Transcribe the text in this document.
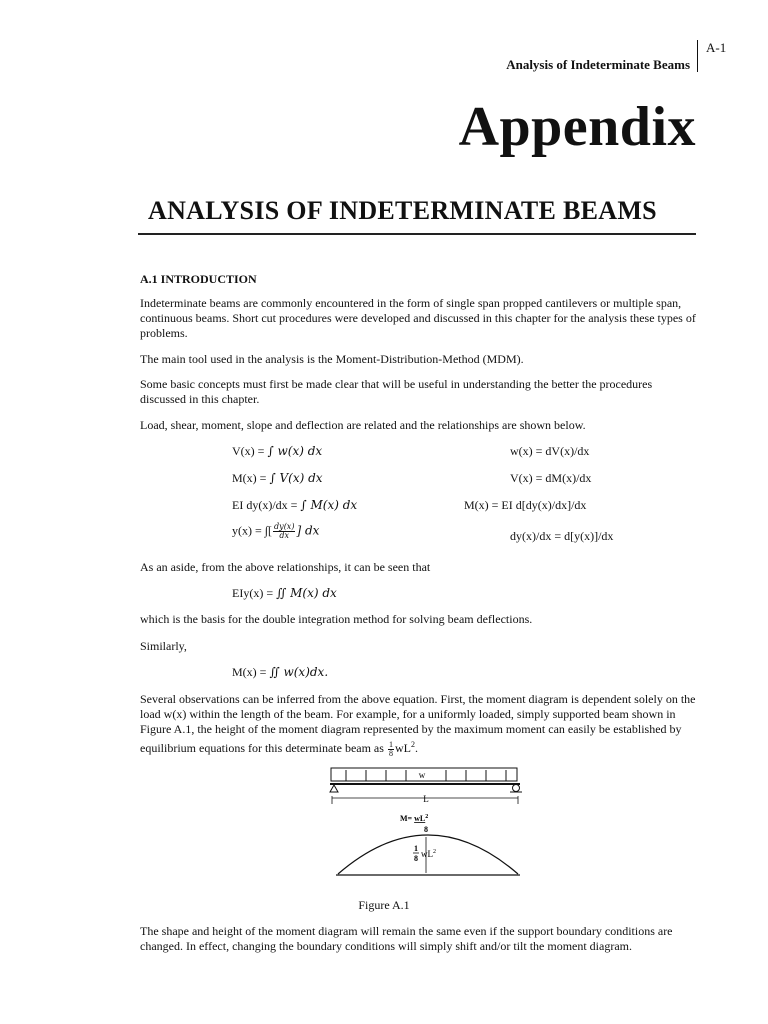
A-1
Analysis of Indeterminate Beams
Appendix
ANALYSIS OF INDETERMINATE BEAMS
A.1 INTRODUCTION
Indeterminate beams are commonly encountered in the form of single span propped cantilevers or multiple span, continuous beams. Short cut procedures were developed and discussed in this chapter for the analysis these types of problems.
The main tool used in the analysis is the Moment-Distribution-Method (MDM).
Some basic concepts must first be made clear that will be useful in understanding the better the procedures discussed in this chapter.
Load, shear, moment, slope and deflection are related and the relationships are shown below.
V(x) = ∫ w(x) dx	w(x) = dV(x)/dx
M(x) = ∫ V(x) dx	V(x) = dM(x)/dx
EI dy(x)/dx = ∫ M(x) dx	M(x) = EI d[dy(x)/dx]/dx
y(x) = ∫[ $\frac{dy(x)}{dx}$ ] dx	dy(x)/dx = d[y(x)]/dx
As an aside, from the above relationships, it can be seen that
EIy(x) = ∬ M(x) dx
which is the basis for the double integration method for solving beam deflections.
Similarly,
M(x) = ∬ w(x)dx.
Several observations can be inferred from the above equation. First, the moment diagram is dependent solely on the load w(x) within the length of the beam. For example, for a uniformly loaded, simply supported beam shown in Figure A.1, the height of the moment diagram represented by the maximum moment can easily be established by equilibrium equations for this determinate beam as $\frac{1}{8} wL^2$.
w
L
$M= wL^2$
8
1
8 $wL^2$
Figure A.1
The shape and height of the moment diagram will remain the same even if the support boundary conditions are changed. In effect, changing the boundary conditions will simply shift and/or tilt the moment diagram.
